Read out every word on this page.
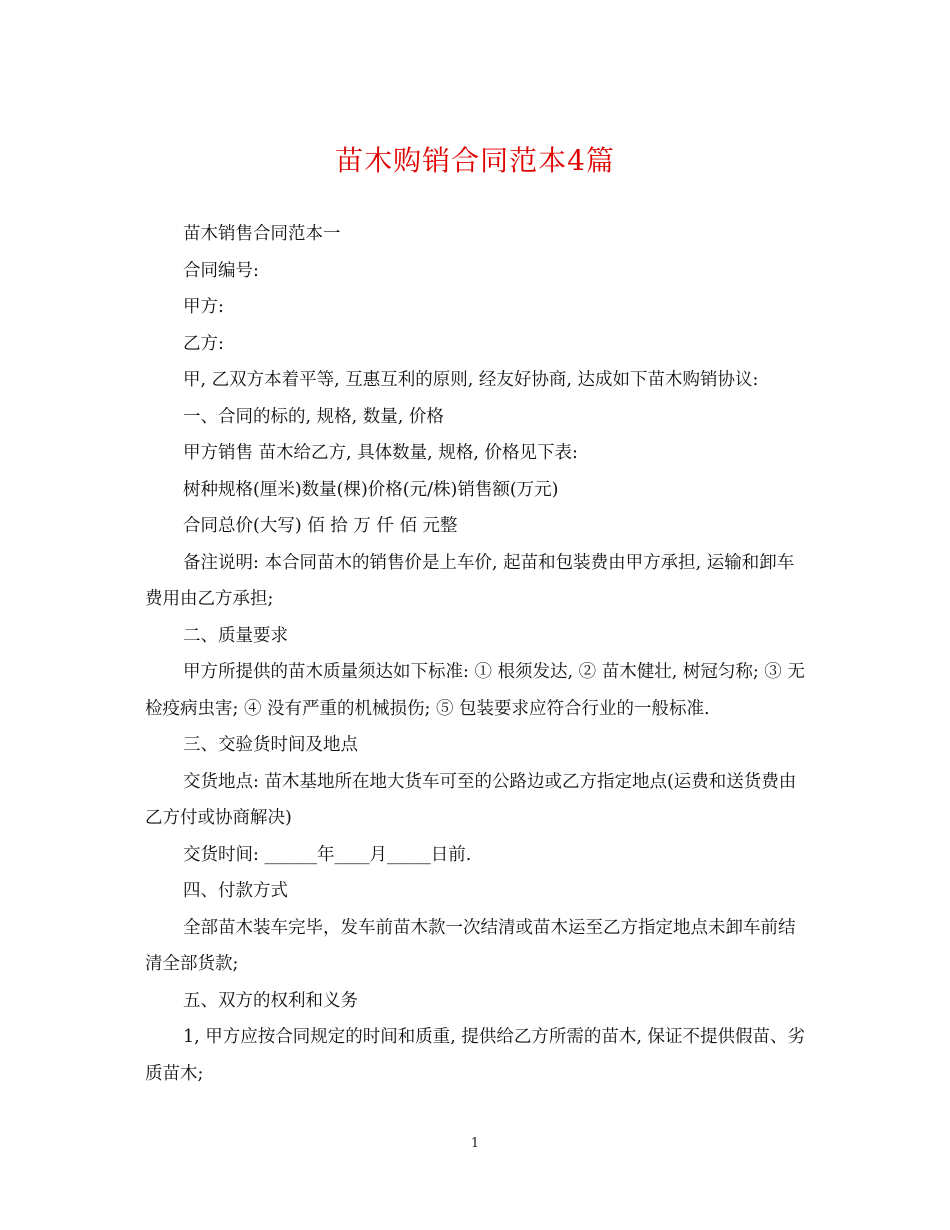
苗木购销合同范本4篇

苗木销售合同范本一

合同编号:

甲方:

乙方:

甲, 乙双方本着平等, 互惠互利的原则, 经友好协商, 达成如下苗木购销协议:

一、合同的标的, 规格, 数量, 价格

甲方销售 苗木给乙方, 具体数量, 规格, 价格见下表:

树种规格(厘米)数量(棵)价格(元/株)销售额(万元)

合同总价(大写) 佰 拾 万 仟 佰 元整

备注说明: 本合同苗木的销售价是上车价, 起苗和包装费由甲方承担, 运输和卸车费用由乙方承担;

二、质量要求

甲方所提供的苗木质量须达如下标准: ① 根须发达, ② 苗木健壮, 树冠匀称; ③ 无检疫病虫害; ④ 没有严重的机械损伤; ⑤ 包装要求应符合行业的一般标准.

三、交验货时间及地点

交货地点: 苗木基地所在地大货车可至的公路边或乙方指定地点(运费和送货费由乙方付或协商解决)

交货时间: ______年____月_____日前.

四、付款方式

全部苗木装车完毕，发车前苗木款一次结清或苗木运至乙方指定地点未卸车前结清全部货款;

五、双方的权利和义务

1, 甲方应按合同规定的时间和质重, 提供给乙方所需的苗木, 保证不提供假苗、劣质苗木;

1
